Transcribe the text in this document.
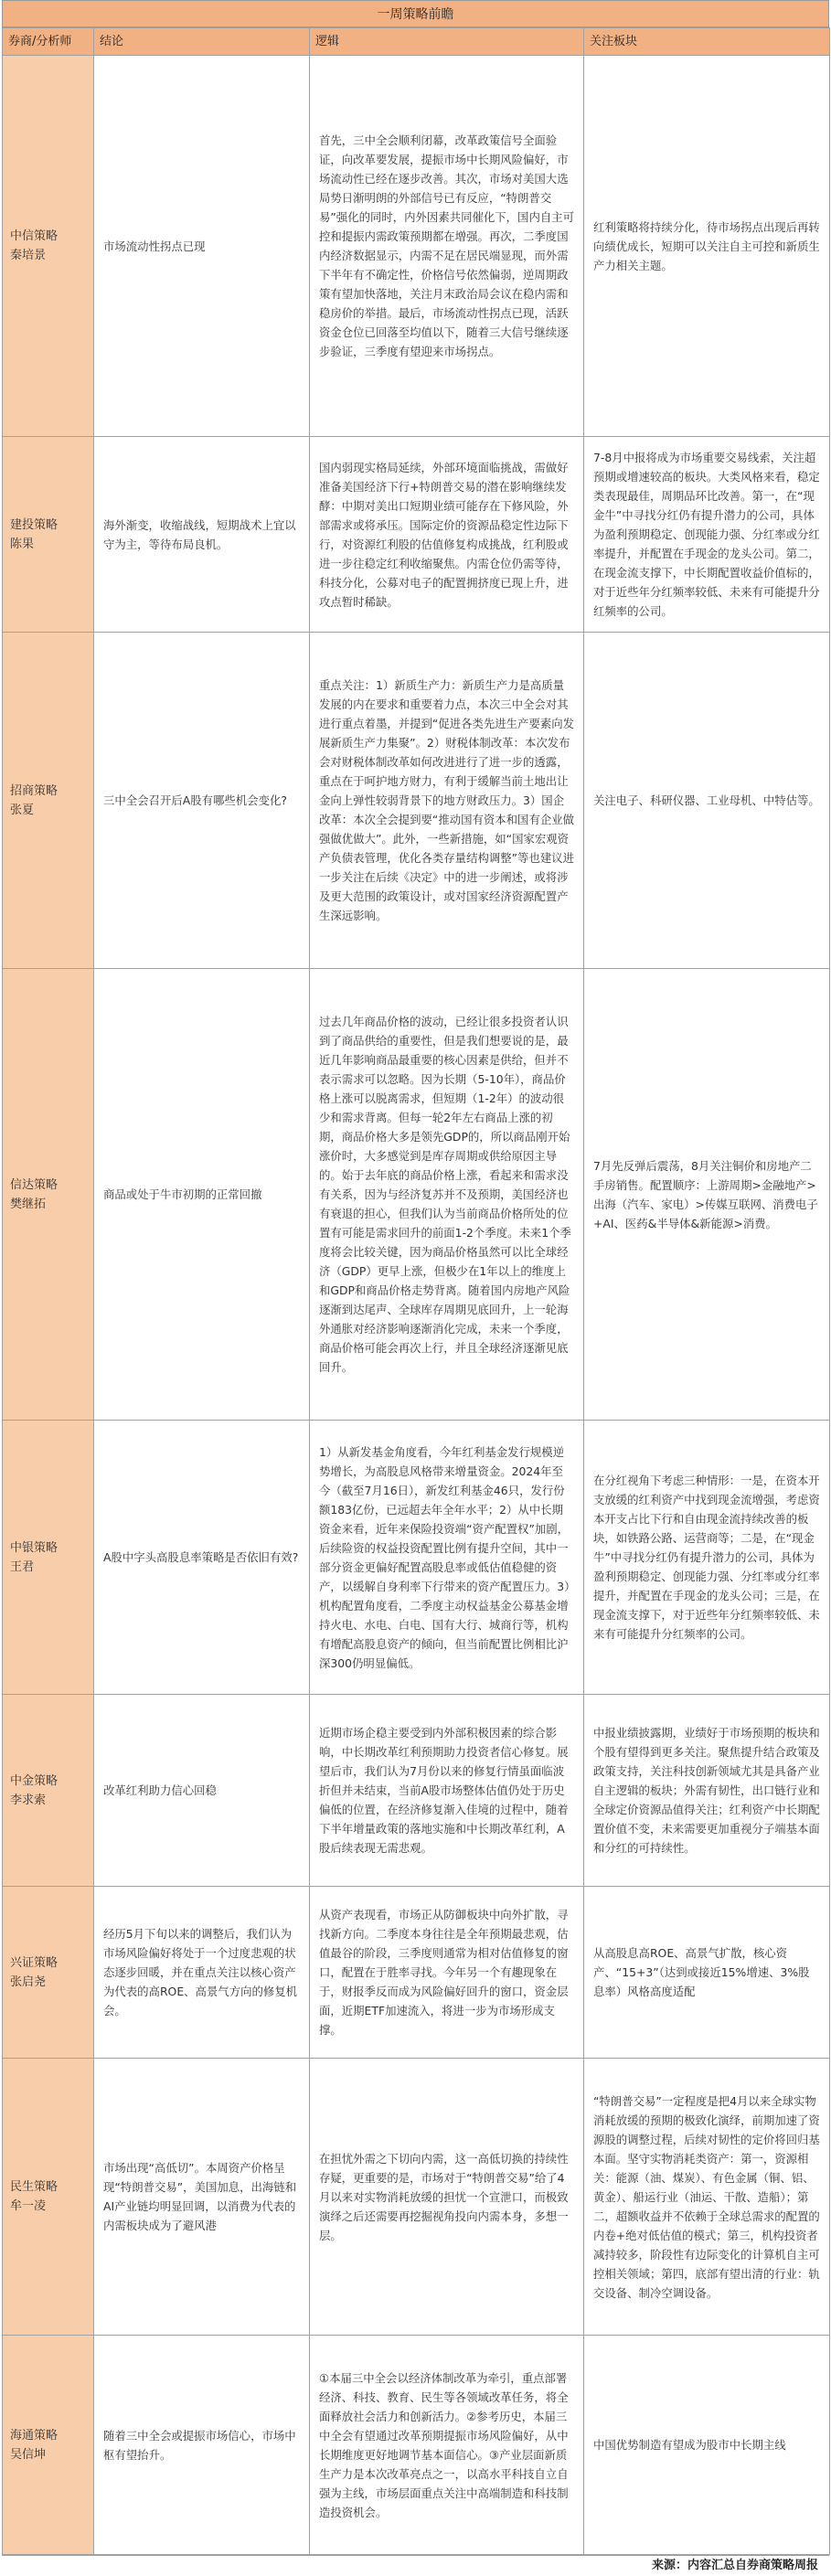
一周策略前瞻
券商/分析师	结论	逻辑	关注板块

中信策略
秦培景	市场流动性拐点已现	首先，三中全会顺利闭幕，改革政策信号全面验证，向改革要发展，提振市场中长期风险偏好，市场流动性已经在逐步改善。其次，市场对美国大选局势日渐明朗的外部信号已有反应，“特朗普交易”强化的同时，内外因素共同催化下，国内自主可控和提振内需政策预期都在增强。再次，二季度国内经济数据显示，内需不足在居民端显现，而外需下半年有不确定性，价格信号依然偏弱，逆周期政策有望加快落地，关注月末政治局会议在稳内需和稳房价的举措。最后，市场流动性拐点已现，活跃资金仓位已回落至均值以下，随着三大信号继续逐步验证，三季度有望迎来市场拐点。	红利策略将持续分化，待市场拐点出现后再转向绩优成长，短期可以关注自主可控和新质生产力相关主题。

建投策略
陈果	海外渐变，收缩战线，短期战术上宜以守为主，等待布局良机。	国内弱现实格局延续，外部环境面临挑战，需做好准备美国经济下行+特朗普交易的潜在影响继续发酵：中期对美出口短期业绩可能存在下修风险，外部需求或将承压。国际定价的资源品稳定性边际下行，对资源红利股的估值修复构成挑战，红利股或进一步往稳定红利收缩聚焦。内需仓位仍需等待，科技分化，公募对电子的配置拥挤度已现上升，进攻点暂时稀缺。	7-8月中报将成为市场重要交易线索，关注超预期或增速较高的板块。大类风格来看，稳定类表现最佳，周期品环比改善。第一，在“现金牛”中寻找分红仍有提升潜力的公司，具体为盈利预期稳定、创现能力强、分红率或分红率提升，并配置在手现金的龙头公司。第二，在现金流支撑下，中长期配置收益价值标的，对于近些年分红频率较低、未来有可能提升分红频率的公司。

招商策略
张夏	三中全会召开后A股有哪些机会变化?	重点关注：1）新质生产力：新质生产力是高质量发展的内在要求和重要着力点，本次三中全会对其进行重点着墨，并提到“促进各类先进生产要素向发展新质生产力集聚”。2）财税体制改革：本次发布会对财税体制改革如何改进进行了进一步的透露，重点在于呵护地方财力，有利于缓解当前土地出让金向上弹性较弱背景下的地方财政压力。3）国企改革：本次全会提到要“推动国有资本和国有企业做强做优做大”。此外，一些新措施，如“国家宏观资产负债表管理，优化各类存量结构调整”等也建议进一步关注在后续《决定》中的进一步阐述，或将涉及更大范围的政策设计，或对国家经济资源配置产生深远影响。	关注电子、科研仪器、工业母机、中特估等。

信达策略
樊继拓	商品或处于牛市初期的正常回撤	过去几年商品价格的波动，已经让很多投资者认识到了商品供给的重要性，但是我们想要说的是，最近几年影响商品最重要的核心因素是供给，但并不表示需求可以忽略。因为长期（5-10年），商品价格上涨可以脱离需求，但短期（1-2年）的波动很少和需求背离。但每一轮2年左右商品上涨的初期，商品价格大多是领先GDP的，所以商品刚开始涨价时，大多感觉到是库存周期或供给原因主导的。始于去年底的商品价格上涨，看起来和需求没有关系，因为与经济复苏并不及预期，美国经济也有衰退的担心，但我们认为当前商品价格所处的位置有可能是需求回升的前面1-2个季度。未来1个季度将会比较关键，因为商品价格虽然可以比全球经济（GDP）更早上涨，但极少在1年以上的维度上和GDP和商品价格走势背离。随着国内房地产风险逐渐到达尾声、全球库存周期见底回升，上一轮海外通胀对经济影响逐渐消化完成，未来一个季度，商品价格可能会再次上行，并且全球经济逐渐见底回升。	7月先反弹后震荡，8月关注铜价和房地产二手房销售。配置顺序：上游周期>金融地产>出海（汽车、家电）>传媒互联网、消费电子+AI、医药&半导体&新能源>消费。

中银策略
王君	A股中字头高股息率策略是否依旧有效?	1）从新发基金角度看，今年红利基金发行规模逆势增长，为高股息风格带来增量资金。2024年至今（截至7月16日），新发红利基金46只，发行份额183亿份，已远超去年全年水平；2）从中长期资金来看，近年来保险投资端“资产配置权”加剧，后续险资的权益投资配置比例有提升空间，其中一部分资金更偏好配置高股息率或低估值稳健的资产，以缓解自身利率下行带来的资产配置压力。3）机构配置角度看，二季度主动权益基金公募基金增持火电、水电、白电、国有大行、城商行等，机构有增配高股息资产的倾向，但当前配置比例相比沪深300仍明显偏低。	在分红视角下考虑三种情形：一是，在资本开支放缓的红利资产中找到现金流增强，考虑资本开支占比下行和自由现金流持续改善的板块，如铁路公路、运营商等；二是，在“现金牛”中寻找分红仍有提升潜力的公司，具体为盈利预期稳定、创现能力强、分红率或分红率提升，并配置在手现金的龙头公司；三是，在现金流支撑下，对于近些年分红频率较低、未来有可能提升分红频率的公司。

中金策略
李求索	改革红利助力信心回稳	近期市场企稳主要受到内外部积极因素的综合影响，中长期改革红利预期助力投资者信心修复。展望后市，我们认为7月份以来的修复行情虽面临波折但并未结束，当前A股市场整体估值仍处于历史偏低的位置，在经济修复渐入佳境的过程中，随着下半年增量政策的落地实施和中长期改革红利，A股后续表现无需悲观。	中报业绩披露期，业绩好于市场预期的板块和个股有望得到更多关注。聚焦提升结合政策及政策支持，关注科技创新领域尤其是具备产业自主逻辑的板块；外需有韧性，出口链行业和全球定价资源品值得关注；红利资产中长期配置价值不变，未来需要更加重视分子端基本面和分红的可持续性。

兴证策略
张启尧	经历5月下旬以来的调整后，我们认为市场风险偏好将处于一个过度悲观的状态逐步回暖，并在重点关注以核心资产为代表的高ROE、高景气方向的修复机会。	从资产表现看，市场正从防御板块中向外扩散，寻找新方向。二季度本身往往是全年预期最悲观，估值最谷的阶段，三季度则通常为相对估值修复的窗口，配置在于胜率寻找。今年另一个有趣现象在于，财报季反而成为风险偏好回升的窗口，资金层面，近期ETF加速流入，将进一步为市场形成支撑。	从高股息高ROE、高景气扩散，核心资产、“15+3”（达到或接近15%增速、3%股息率）风格高度适配

民生策略
牟一凌	市场出现“高低切”。本周资产价格呈现“特朗普交易”，美国加息，出海链和AI产业链均明显回调，以消费为代表的内需板块成为了避风港	在担忧外需之下切向内需，这一高低切换的持续性存疑，更重要的是，市场对于“特朗普交易”给了4月以来对实物消耗放缓的担忧一个宣泄口，而极致演绎之后还需要再挖掘视角投向内需本身，多想一层。	“特朗普交易”一定程度是把4月以来全球实物消耗放缓的预期的极致化演绎，前期加速了资源股的调整过程，后续对韧性的定价将回归基本面。坚守实物消耗类资产：第一，资源相关：能源（油、煤炭）、有色金属（铜、铝、黄金）、船运行业（油运、干散、造船）；第二，超额收益并不依赖于全球总需求的配置的内卷+绝对低估值的模式；第三，机构投资者减持较多，阶段性有边际变化的计算机自主可控相关领域；第四，底部有望出清的行业：轨交设备、制冷空调设备。

海通策略
吴信坤	随着三中全会或提振市场信心，市场中枢有望抬升。	①本届三中全会以经济体制改革为牵引，重点部署经济、科技、教育、民生等各领域改革任务，将全面释放社会活力和创新活力。②参考历史，本届三中全会有望通过改革预期提振市场风险偏好，从中长期维度更好地调节基本面信心。③产业层面新质生产力是本次改革亮点之一，以高水平科技自立自强为主线，市场层面重点关注中高端制造和科技制造投资机会。	中国优势制造有望成为股市中长期主线
来源：内容汇总自券商策略周报
